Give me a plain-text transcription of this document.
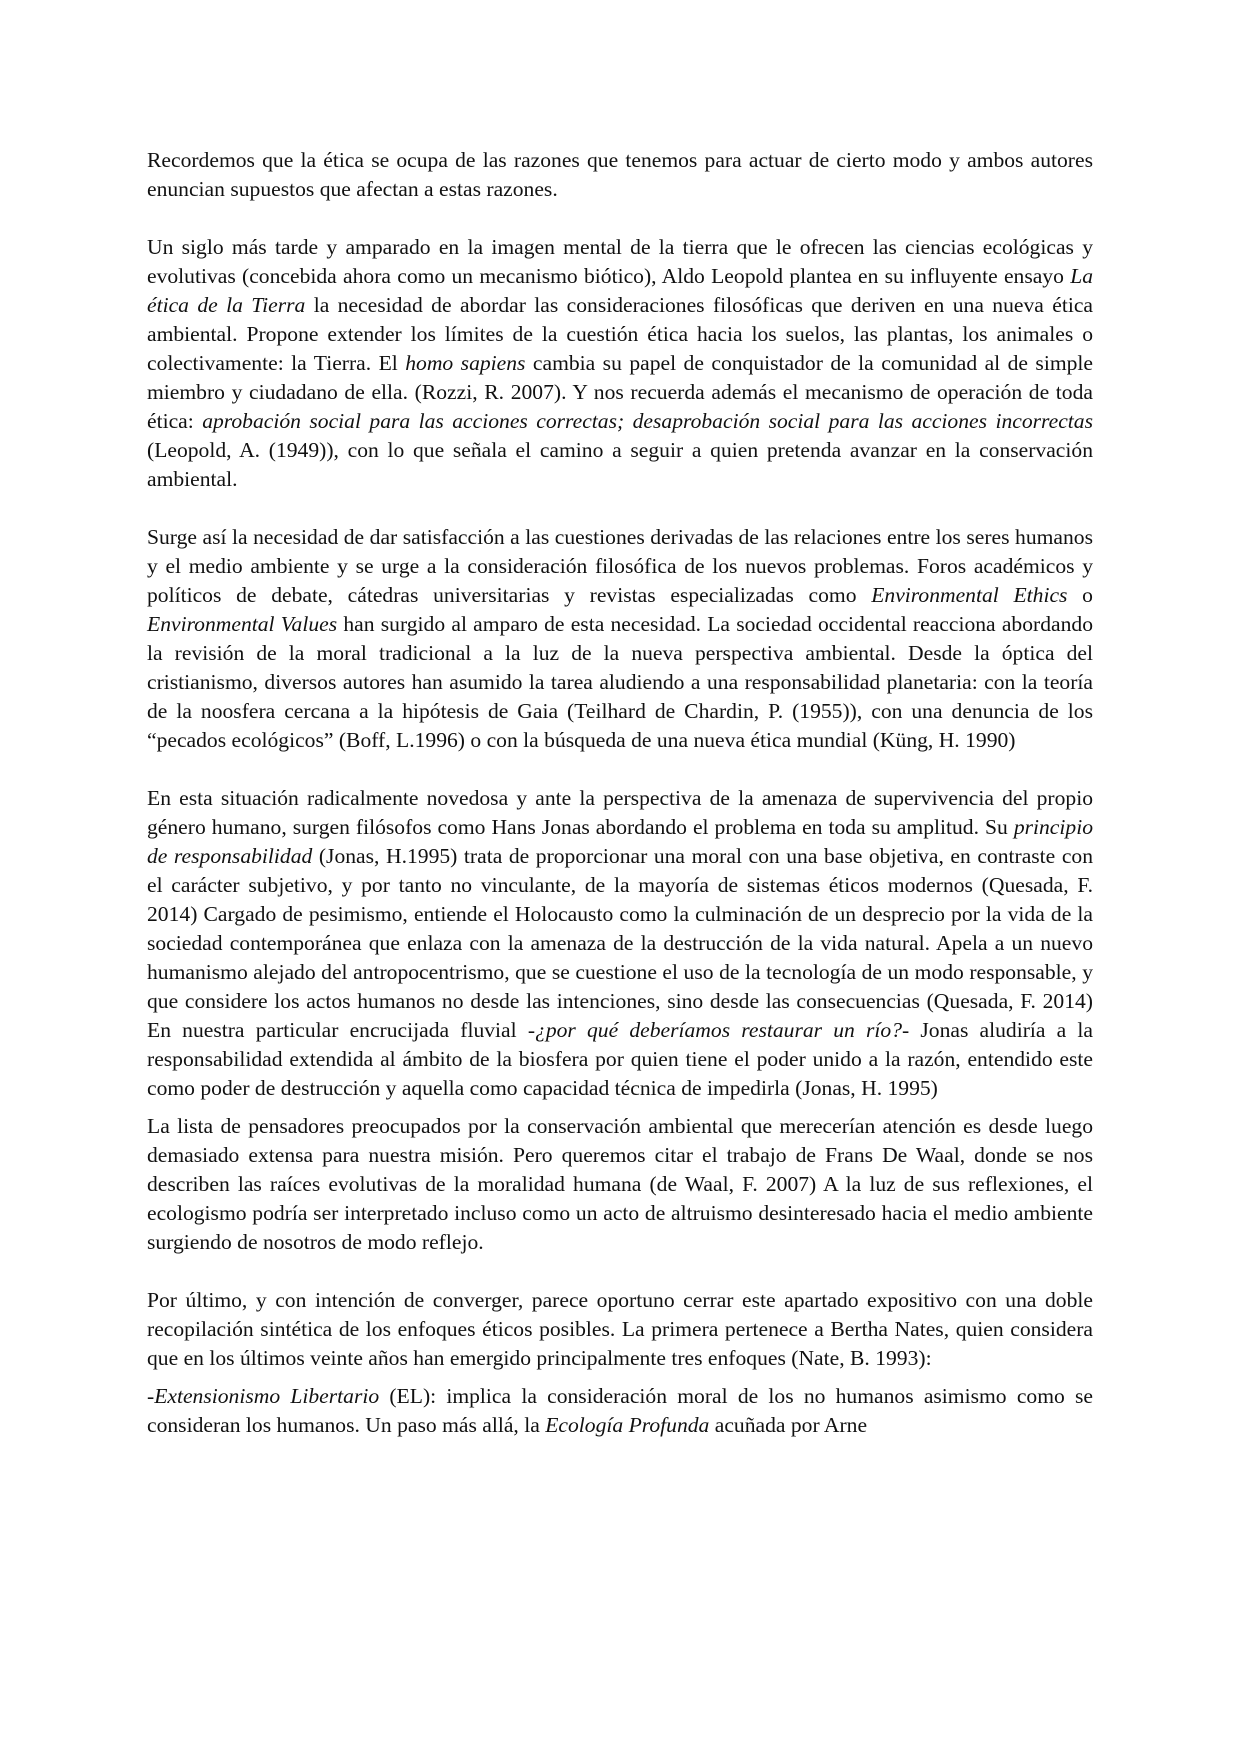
Recordemos que la ética se ocupa de las razones que tenemos para actuar de cierto modo y ambos autores enuncian supuestos que afectan a estas razones.

Un siglo más tarde y amparado en la imagen mental de la tierra que le ofrecen las ciencias ecológicas y evolutivas (concebida ahora como un mecanismo biótico), Aldo Leopold plantea en su influyente ensayo La ética de la Tierra la necesidad de abordar las consideraciones filosóficas que deriven en una nueva ética ambiental. Propone extender los límites de la cuestión ética hacia los suelos, las plantas, los animales o colectivamente: la Tierra. El homo sapiens cambia su papel de conquistador de la comunidad al de simple miembro y ciudadano de ella. (Rozzi, R. 2007). Y nos recuerda además el mecanismo de operación de toda ética: aprobación social para las acciones correctas; desaprobación social para las acciones incorrectas (Leopold, A. (1949)), con lo que señala el camino a seguir a quien pretenda avanzar en la conservación ambiental.

Surge así la necesidad de dar satisfacción a las cuestiones derivadas de las relaciones entre los seres humanos y el medio ambiente y se urge a la consideración filosófica de los nuevos problemas. Foros académicos y políticos de debate, cátedras universitarias y revistas especializadas como Environmental Ethics o Environmental Values han surgido al amparo de esta necesidad. La sociedad occidental reacciona abordando la revisión de la moral tradicional a la luz de la nueva perspectiva ambiental. Desde la óptica del cristianismo, diversos autores han asumido la tarea aludiendo a una responsabilidad planetaria: con la teoría de la noosfera cercana a la hipótesis de Gaia (Teilhard de Chardin, P. (1955)), con una denuncia de los “pecados ecológicos” (Boff, L.1996) o con la búsqueda de una nueva ética mundial (Küng, H. 1990)

En esta situación radicalmente novedosa y ante la perspectiva de la amenaza de supervivencia del propio género humano, surgen filósofos como Hans Jonas abordando el problema en toda su amplitud. Su principio de responsabilidad (Jonas, H.1995) trata de proporcionar una moral con una base objetiva, en contraste con el carácter subjetivo, y por tanto no vinculante, de la mayoría de sistemas éticos modernos (Quesada, F. 2014) Cargado de pesimismo, entiende el Holocausto como la culminación de un desprecio por la vida de la sociedad contemporánea que enlaza con la amenaza de la destrucción de la vida natural. Apela a un nuevo humanismo alejado del antropocentrismo, que se cuestione el uso de la tecnología de un modo responsable, y que considere los actos humanos no desde las intenciones, sino desde las consecuencias (Quesada, F. 2014) En nuestra particular encrucijada fluvial -¿por qué deberíamos restaurar un río?- Jonas aludiría a la responsabilidad extendida al ámbito de la biosfera por quien tiene el poder unido a la razón, entendido este como poder de destrucción y aquella como capacidad técnica de impedirla (Jonas, H. 1995)

La lista de pensadores preocupados por la conservación ambiental que merecerían atención es desde luego demasiado extensa para nuestra misión. Pero queremos citar el trabajo de Frans De Waal, donde se nos describen las raíces evolutivas de la moralidad humana (de Waal, F. 2007) A la luz de sus reflexiones, el ecologismo podría ser interpretado incluso como un acto de altruismo desinteresado hacia el medio ambiente surgiendo de nosotros de modo reflejo.

Por último, y con intención de converger, parece oportuno cerrar este apartado expositivo con una doble recopilación sintética de los enfoques éticos posibles. La primera pertenece a Bertha Nates, quien considera que en los últimos veinte años han emergido principalmente tres enfoques (Nate, B. 1993):

-Extensionismo Libertario (EL): implica la consideración moral de los no humanos asimismo como se consideran los humanos. Un paso más allá, la Ecología Profunda acuñada por Arne
